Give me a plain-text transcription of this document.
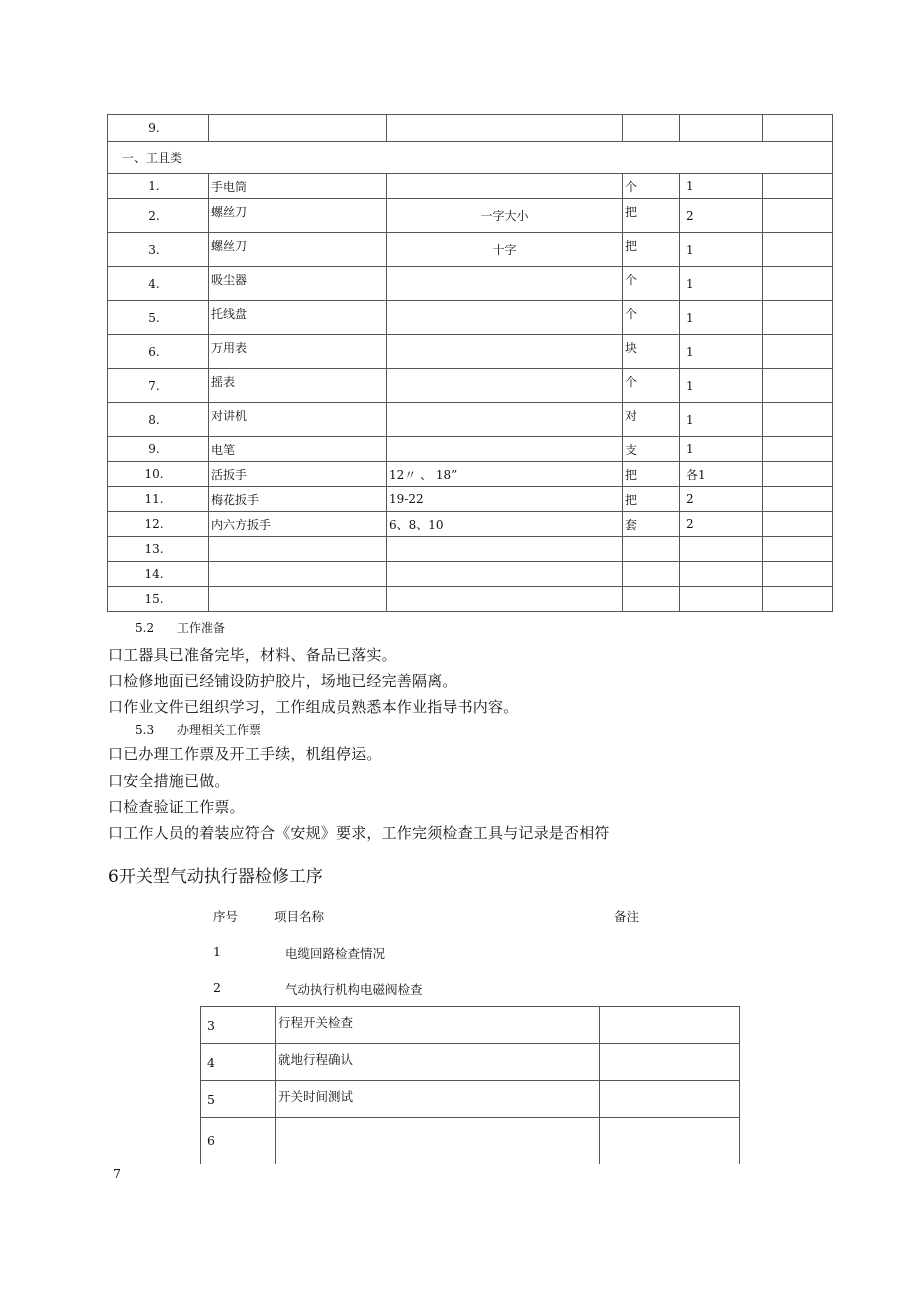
9.					
一、工且类					
1.	手电筒		个	1	
2.	螺丝刀	一字大小	把	2	
3.	螺丝刀	十字	把	1	
4.	吸尘器		个	1	
5.	托线盘		个	1	
6.	万用表		块	1	
7.	摇表		个	1	
8.	对讲机		对	1	
9.	电笔		支	1	
10.	活扳手	12〃 、 18”	把	各1	
11.	梅花扳手	19-22	把	2	
12.	内六方扳手	6、8、10	套	2	
13.					
14.					
15.					
5.2 工作准备
口工器具已准备完毕，材料、备品已落实。
口检修地面已经铺设防护胶片，场地已经完善隔离。
口作业文件已组织学习，工作组成员熟悉本作业指导书内容。
5.3 办理相关工作票
口已办理工作票及开工手续，机组停运。
口安全措施已做。
口检查验证工作票。
口工作人员的着装应符合《安规》要求，工作完须检查工具与记录是否相符
6开关型气动执行器检修工序
序号	项目名称	备注
1	电缆回路检查情况
2	气动执行机构电磁阀检查
3	行程开关检查	
4	就地行程确认	
5	开关时间测试	
6		
7
